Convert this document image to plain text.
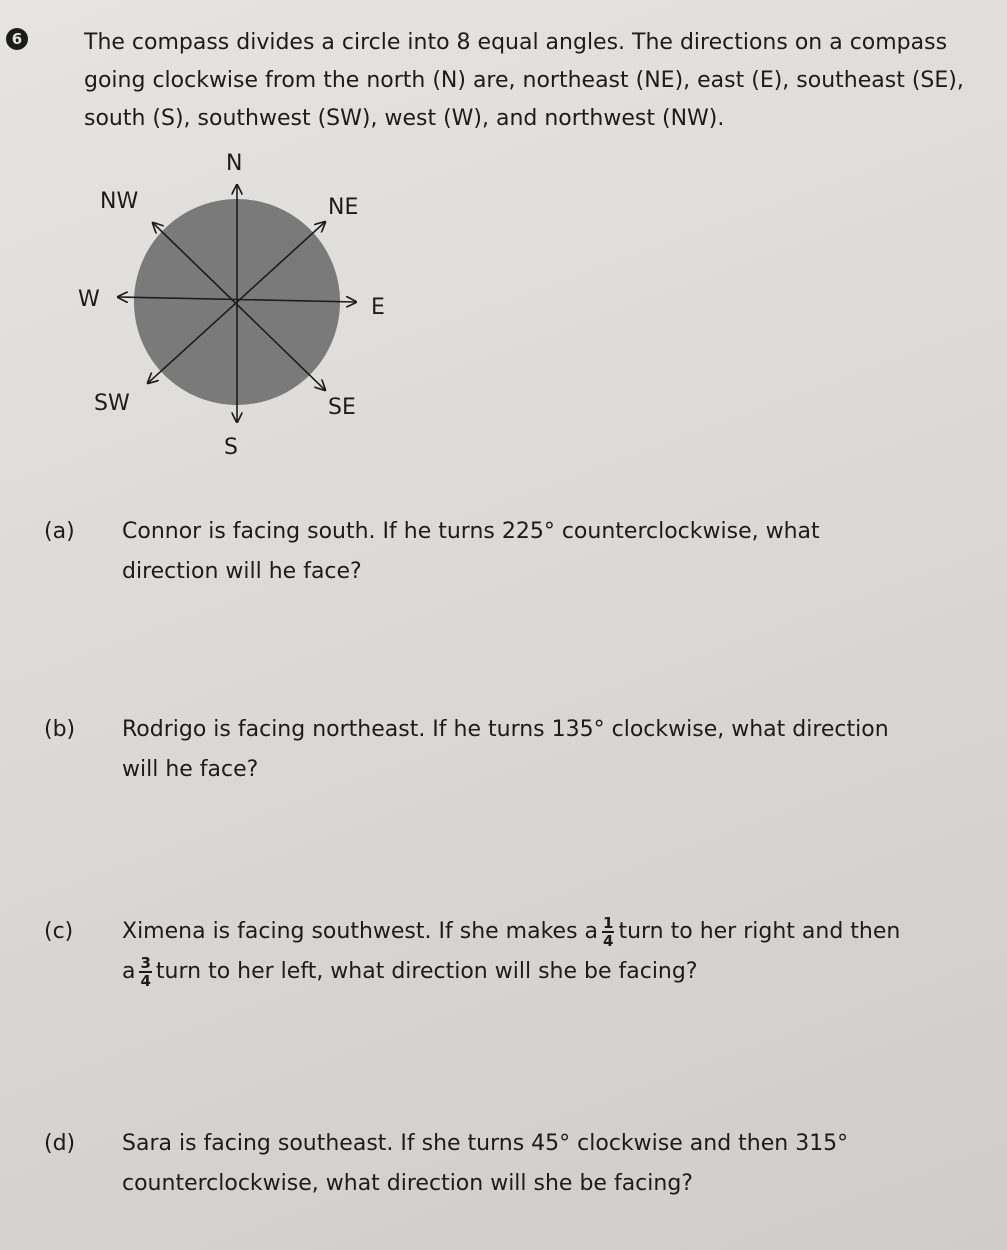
6	The compass divides a circle into 8 equal angles. The directions on a compass going clockwise from the north (N) are, northeast (NE), east (E), southeast (SE), south (S), southwest (SW), west (W), and northwest (NW).

N
NW	NE
W	E
SW	SE
S

(a) Connor is facing south. If he turns 225° counterclockwise, what
direction will he face?

(b) Rodrigo is facing northeast. If he turns 135° clockwise, what direction
will he face?

(c) Ximena is facing southwest. If she makes a $\frac{1}{4}$ turn to her right and then
a $\frac{3}{4}$ turn to her left, what direction will she be facing?

(d) Sara is facing southeast. If she turns 45° clockwise and then 315°
counterclockwise, what direction will she be facing?
